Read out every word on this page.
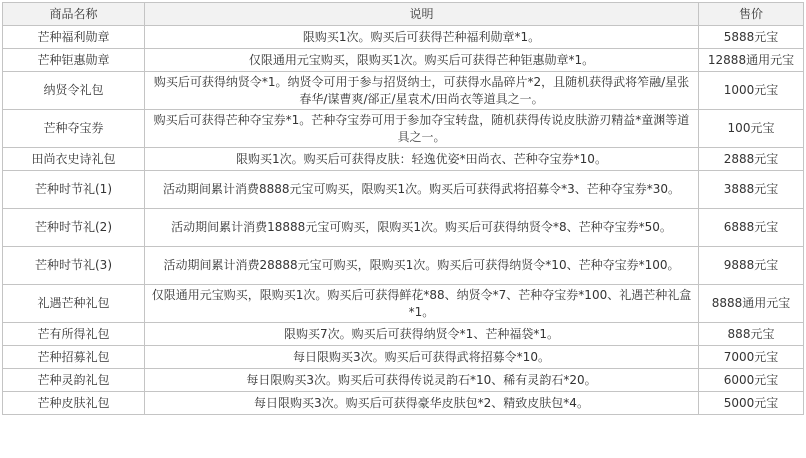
商品名称	说明	售价
芒种福利勋章	限购买1次。购买后可获得芒种福利勋章*1。	5888元宝
芒种钜惠勋章	仅限通用元宝购买，限购买1次。购买后可获得芒种钜惠勋章*1。	12888通用元宝
纳贤令礼包	购买后可获得纳贤令*1。纳贤令可用于参与招贤纳士，可获得水晶碎片*2，且随机获得武将笮融/星张春华/谋曹爽/郤正/星袁术/田尚衣等道具之一。	1000元宝
芒种夺宝券	购买后可获得芒种夺宝券*1。芒种夺宝券可用于参加夺宝转盘，随机获得传说皮肤游刃精益*童渊等道具之一。	100元宝
田尚衣史诗礼包	限购买1次。购买后可获得皮肤：轻逸优姿*田尚衣、芒种夺宝券*10。	2888元宝
芒种时节礼(1)	活动期间累计消费8888元宝可购买，限购买1次。购买后可获得武将招募令*3、芒种夺宝券*30。	3888元宝
芒种时节礼(2)	活动期间累计消费18888元宝可购买，限购买1次。购买后可获得纳贤令*8、芒种夺宝券*50。	6888元宝
芒种时节礼(3)	活动期间累计消费28888元宝可购买，限购买1次。购买后可获得纳贤令*10、芒种夺宝券*100。	9888元宝
礼遇芒种礼包	仅限通用元宝购买，限购买1次。购买后可获得鲜花*88、纳贤令*7、芒种夺宝券*100、礼遇芒种礼盒*1。	8888通用元宝
芒有所得礼包	限购买7次。购买后可获得纳贤令*1、芒种福袋*1。	888元宝
芒种招募礼包	每日限购买3次。购买后可获得武将招募令*10。	7000元宝
芒种灵韵礼包	每日限购买3次。购买后可获得传说灵韵石*10、稀有灵韵石*20。	6000元宝
芒种皮肤礼包	每日限购买3次。购买后可获得豪华皮肤包*2、精致皮肤包*4。	5000元宝
